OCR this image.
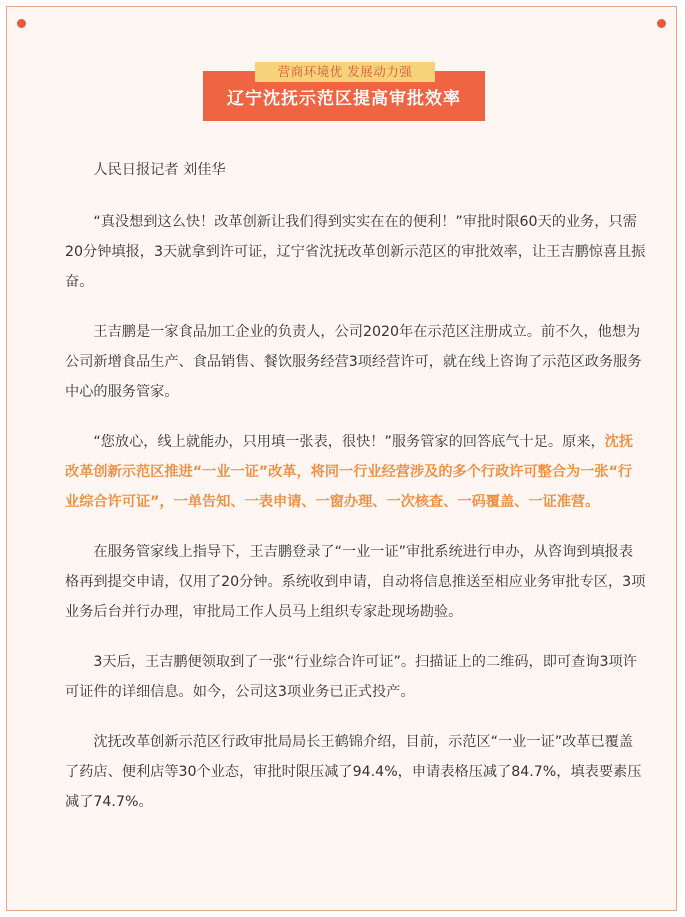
营商环境优 发展动力强
辽宁沈抚示范区提高审批效率

人民日报记者 刘佳华

“真没想到这么快！改革创新让我们得到实实在在的便利！”审批时限60天的业务，只需20分钟填报，3天就拿到许可证，辽宁省沈抚改革创新示范区的审批效率，让王吉鹏惊喜且振奋。

王吉鹏是一家食品加工企业的负责人，公司2020年在示范区注册成立。前不久，他想为公司新增食品生产、食品销售、餐饮服务经营3项经营许可，就在线上咨询了示范区政务服务中心的服务管家。

“您放心，线上就能办，只用填一张表，很快！”服务管家的回答底气十足。原来，沈抚改革创新示范区推进“一业一证”改革，将同一行业经营涉及的多个行政许可整合为一张“行业综合许可证”，一单告知、一表申请、一窗办理、一次核查、一码覆盖、一证准营。

在服务管家线上指导下，王吉鹏登录了“一业一证”审批系统进行申办，从咨询到填报表格再到提交申请，仅用了20分钟。系统收到申请，自动将信息推送至相应业务审批专区，3项业务后台并行办理，审批局工作人员马上组织专家赴现场勘验。

3天后，王吉鹏便领取到了一张“行业综合许可证”。扫描证上的二维码，即可查询3项许可证件的详细信息。如今，公司这3项业务已正式投产。

沈抚改革创新示范区行政审批局局长王鹤锦介绍，目前，示范区“一业一证”改革已覆盖了药店、便利店等30个业态，审批时限压减了94.4%，申请表格压减了84.7%，填表要素压减了74.7%。
